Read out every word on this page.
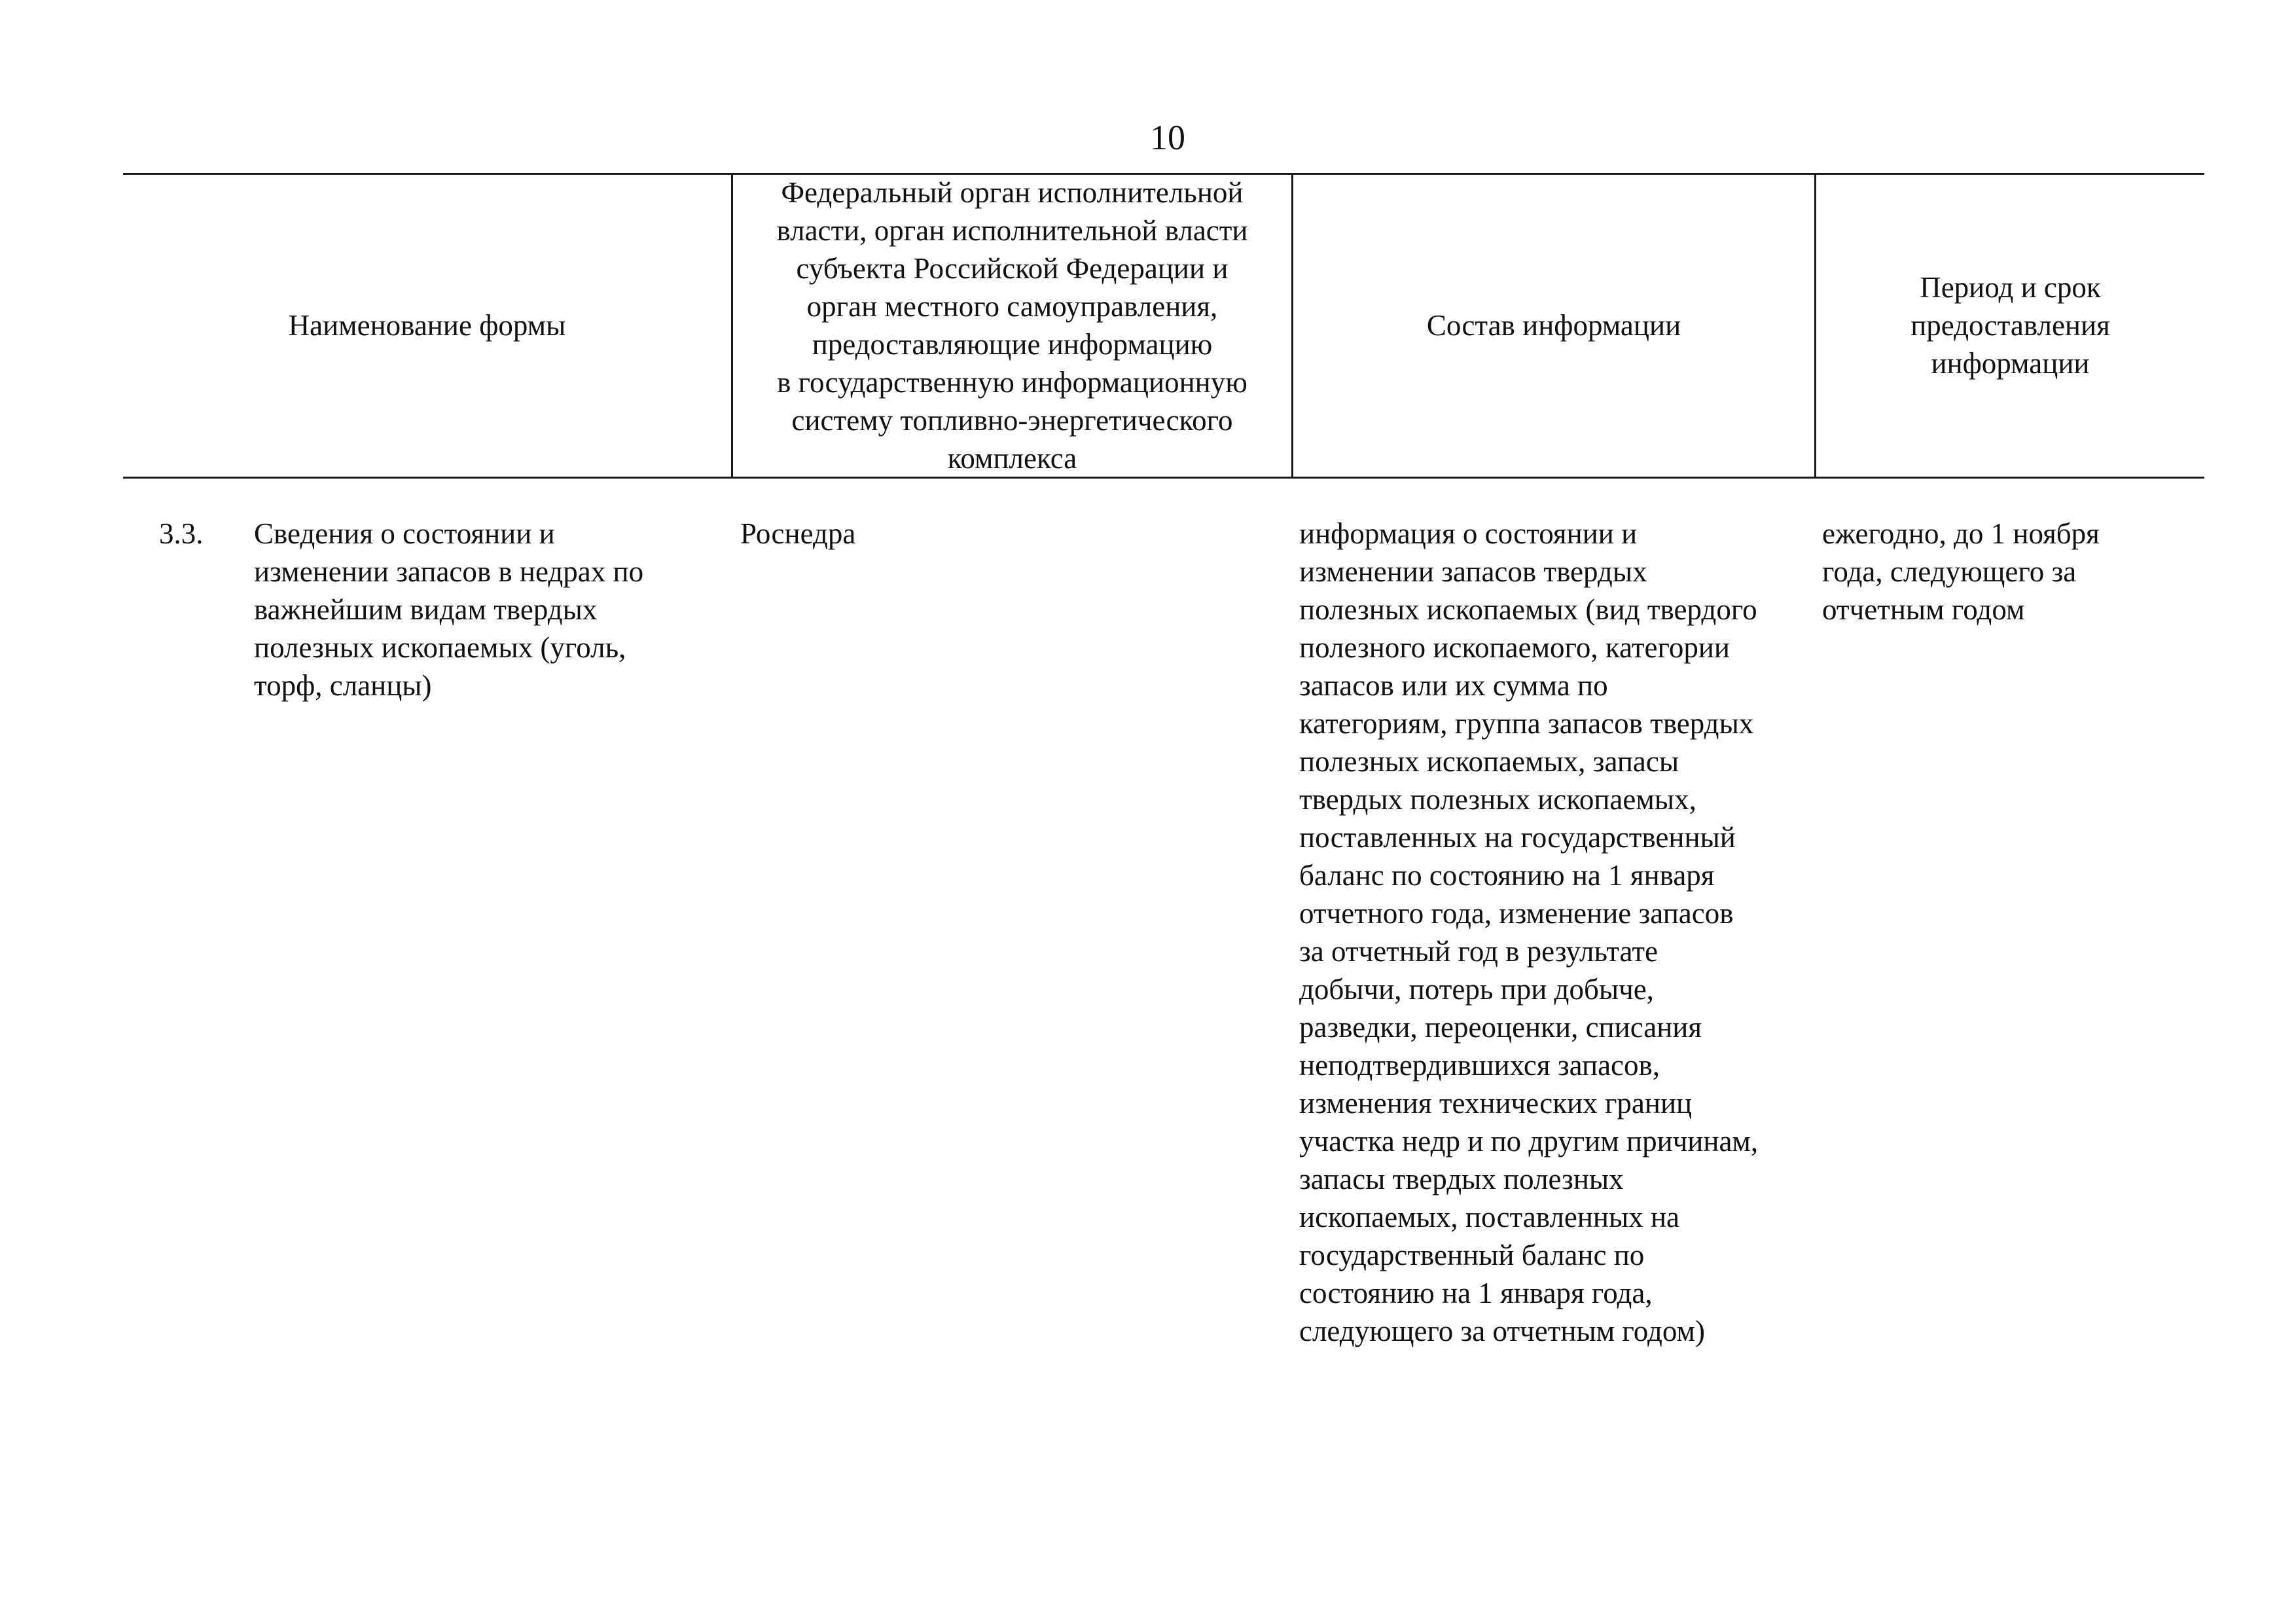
10
Наименование формы
Федеральный орган исполнительной
власти, орган исполнительной власти
субъекта Российской Федерации и
орган местного самоуправления,
предоставляющие информацию
в государственную информационную
систему топливно-энергетического
комплекса
Состав информации
Период и срок
предоставления
информации
3.3.	Сведения о состоянии и
изменении запасов в недрах по
важнейшим видам твердых
полезных ископаемых (уголь,
торф, сланцы)
Роснедра	информация о состоянии и
изменении запасов твердых
полезных ископаемых (вид твердого
полезного ископаемого, категории
запасов или их сумма по
категориям, группа запасов твердых
полезных ископаемых, запасы
твердых полезных ископаемых,
поставленных на государственный
баланс по состоянию на 1 января
отчетного года, изменение запасов
за отчетный год в результате
добычи, потерь при добыче,
разведки, переоценки, списания
неподтвердившихся запасов,
изменения технических границ
участка недр и по другим причинам,
запасы твердых полезных
ископаемых, поставленных на
государственный баланс по
состоянию на 1 января года,
следующего за отчетным годом)
ежегодно, до 1 ноября
года, следующего за
отчетным годом
